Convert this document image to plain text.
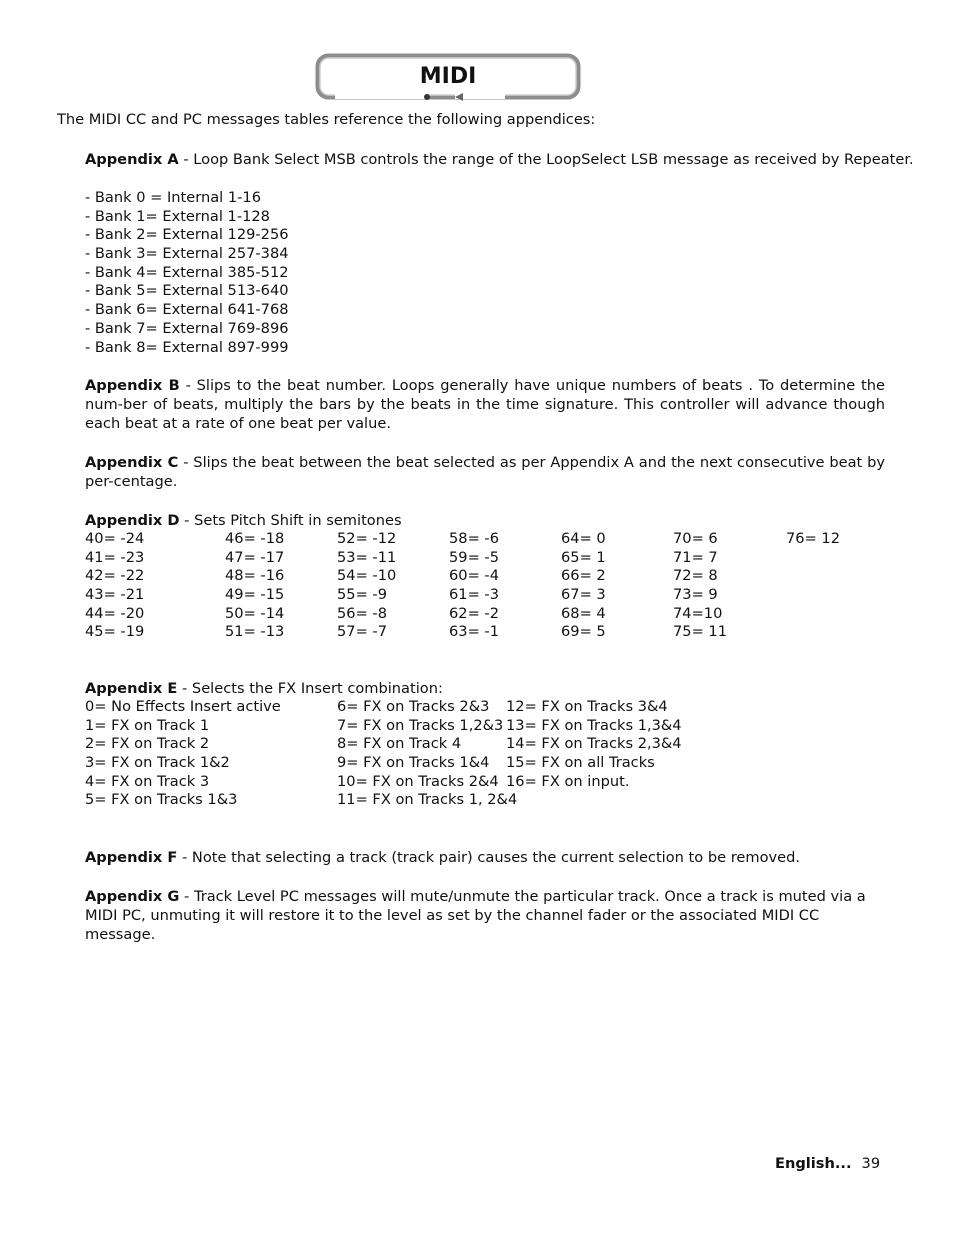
MIDI
The MIDI CC and PC messages tables reference the following appendices:
Appendix A - Loop Bank Select MSB controls the range of the LoopSelect LSB message as received by Repeater.
- Bank 0 = Internal 1-16
- Bank 1= External 1-128
- Bank 2= External 129-256
- Bank 3= External 257-384
- Bank 4= External 385-512
- Bank 5= External 513-640
- Bank 6= External 641-768
- Bank 7= External 769-896
- Bank 8= External 897-999
Appendix B - Slips to the beat number. Loops generally have unique numbers of beats . To determine the num-ber of beats, multiply the bars by the beats in the time signature. This controller will advance though each beat at a rate of one beat per value.
Appendix C - Slips the beat between the beat selected as per Appendix A and the next consecutive beat by per-centage.
Appendix D - Sets Pitch Shift in semitones
40= -24
41= -23
42= -22
43= -21
44= -20
45= -19
46= -18
47= -17
48= -16
49= -15
50= -14
51= -13
52= -12
53= -11
54= -10
55= -9
56= -8
57= -7
58= -6
59= -5
60= -4
61= -3
62= -2
63= -1
64= 0
65= 1
66= 2
67= 3
68= 4
69= 5
70= 6
71= 7
72= 8
73= 9
74=10
75= 11
76= 12
Appendix E - Selects the FX Insert combination:
0= No Effects Insert active
1= FX on Track 1
2= FX on Track 2
3= FX on Track 1&2
4= FX on Track 3
5= FX on Tracks 1&3
6= FX on Tracks 2&3
7= FX on Tracks 1,2&3
8= FX on Track 4
9= FX on Tracks 1&4
10= FX on Tracks 2&4
11= FX on Tracks 1, 2&4
12= FX on Tracks 3&4
13= FX on Tracks 1,3&4
14= FX on Tracks 2,3&4
15= FX on all Tracks
16= FX on input.
Appendix F - Note that selecting a track (track pair) causes the current selection to be removed.
Appendix G - Track Level PC messages will mute/unmute the particular track. Once a track is muted via a MIDI PC, unmuting it will restore it to the level as set by the channel fader or the associated MIDI CC message.
English... 39
